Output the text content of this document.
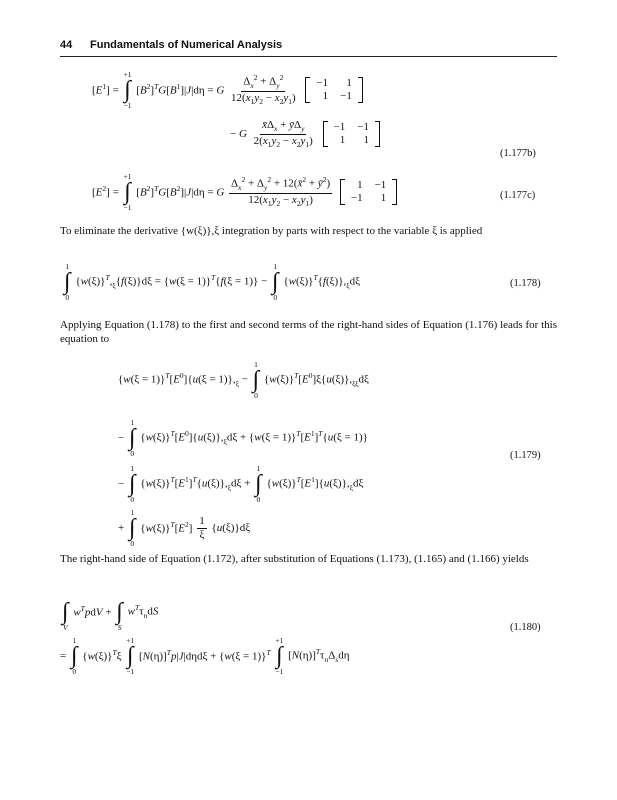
44 Fundamentals of Numerical Analysis
$[E^1]$ =
+1
∫
−1
$[B^2]^TG[B^1]|J|d\eta = G \frac{\Delta_x^2 + \Delta_y^2}{12(x_1y_2 - x_2y_1)}$
−1	1
1	−1
− G $\frac{x̄\Delta_x + ȳ\Delta_y}{2(x_1y_2 - x_2y_1)}$
−1	−1
1	1
(1.177b)
$[E^2]$ =
+1
∫
−1
$[B^2]^TG[B^2]|J|d\eta = G \frac{\Delta_x^2 + \Delta_y^2 + 12(x̄^2 + ȳ^2)}{12(x_1y_2 - x_2y_1)}$
1	−1
−1	1	(1.177c)
To eliminate the derivative {w(ξ)},ξ integration by parts with respect to the variable ξ is applied
1
∫
0
$\{w(\xi)\}^T,_\xi\{f(\xi)\}d\xi = \{w(\xi = 1)\}^T\{f(\xi = 1)\}$ −
1
∫
0
$\{w(\xi)\}^T\{f(\xi)\},_\xi d\xi$	(1.178)
Applying Equation (1.178) to the first and second terms of the right-hand sides of Equation (1.176) leads for this equation to
$\{w(\xi = 1)\}^T[E^0]\{u(\xi = 1)\},_\xi$ −
1
∫
0
$\{w(\xi)\}^T[E^0]\xi\{u(\xi)\},_{\xi\xi}d\xi$
−
1
∫
0
$\{w(\xi)\}^T[E^0]\{u(\xi)\},_\xi d\xi + \{w(\xi = 1)\}^T[E^1]^T\{u(\xi = 1)\}$
(1.179)
−
1
∫
0
$\{w(\xi)\}^T[E^1]^T\{u(\xi)\},_\xi d\xi$ +
1
∫
0
$\{w(\xi)\}^T[E^1]\{u(\xi)\},_\xi d\xi$
+
1
∫
0
$\{w(\xi)\}^T[E^2] \frac{1}{\xi} \{u(\xi)\}d\xi$
The right-hand side of Equation (1.172), after substitution of Equations (1.173), (1.165) and (1.166) yields
∫
V
$w^TpdV$ + ∫
S
$w^T\tau_ndS$
(1.180)
=
1
∫
0
$\{w(\xi)\}^T\xi$
+1
∫
−1
$[N(\eta)]^Tp|J|d\eta d\xi + \{w(\xi = 1)\}^T$
+1
∫
−1
$[N(\eta)]^T\tau_n\Delta_sd\eta$
